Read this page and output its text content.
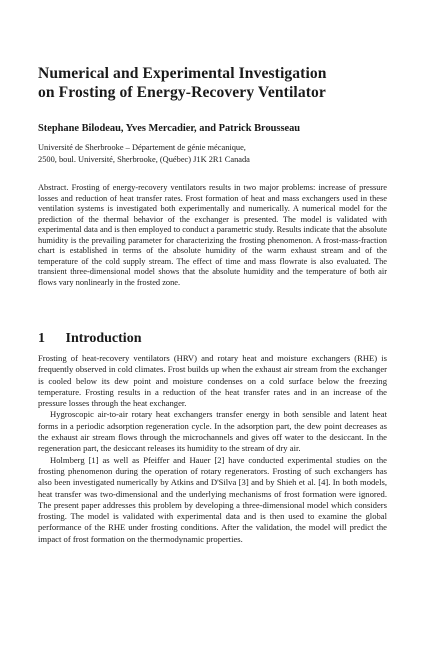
Numerical and Experimental Investigation
on Frosting of Energy-Recovery Ventilator
Stephane Bilodeau, Yves Mercadier, and Patrick Brousseau
Université de Sherbrooke – Département de génie mécanique,
2500, boul. Université, Sherbrooke, (Québec) J1K 2R1 Canada
Abstract. Frosting of energy-recovery ventilators results in two major problems: increase of pressure losses and reduction of heat transfer rates. Frost formation of heat and mass exchangers used in these ventilation systems is investigated both experimentally and numerically. A numerical model for the prediction of the thermal behavior of the exchanger is presented. The model is validated with experimental data and is then employed to conduct a parametric study. Results indicate that the absolute humidity is the prevailing parameter for characterizing the frosting phenomenon. A frost-mass-fraction chart is established in terms of the absolute humidity of the warm exhaust stream and of the temperature of the cold supply stream. The effect of time and mass flowrate is also evaluated. The transient three-dimensional model shows that the absolute humidity and the temperature of both air flows vary nonlinearly in the frosted zone.
1 Introduction

Frosting of heat-recovery ventilators (HRV) and rotary heat and moisture exchangers (RHE) is frequently observed in cold climates. Frost builds up when the exhaust air stream from the exchanger is cooled below its dew point and moisture condenses on a cold surface below the freezing temperature. Frosting results in a reduction of the heat transfer rates and in an increase of the pressure losses through the heat exchanger.

Hygroscopic air-to-air rotary heat exchangers transfer energy in both sensible and latent heat forms in a periodic adsorption regeneration cycle. In the adsorption part, the dew point decreases as the exhaust air stream flows through the microchannels and gives off water to the desiccant. In the regeneration part, the desiccant releases its humidity to the stream of dry air.

Holmberg [1] as well as Pfeiffer and Hauer [2] have conducted experimental studies on the frosting phenomenon during the operation of rotary regenerators. Frosting of such exchangers has also been investigated numerically by Atkins and D'Silva [3] and by Shieh et al. [4]. In both models, heat transfer was two-dimensional and the underlying mechanisms of frost formation were ignored. The present paper addresses this problem by developing a three-dimensional model which considers frosting. The model is validated with experimental data and is then used to examine the global performance of the RHE under frosting conditions. After the validation, the model will predict the impact of frost formation on the thermodynamic properties.
